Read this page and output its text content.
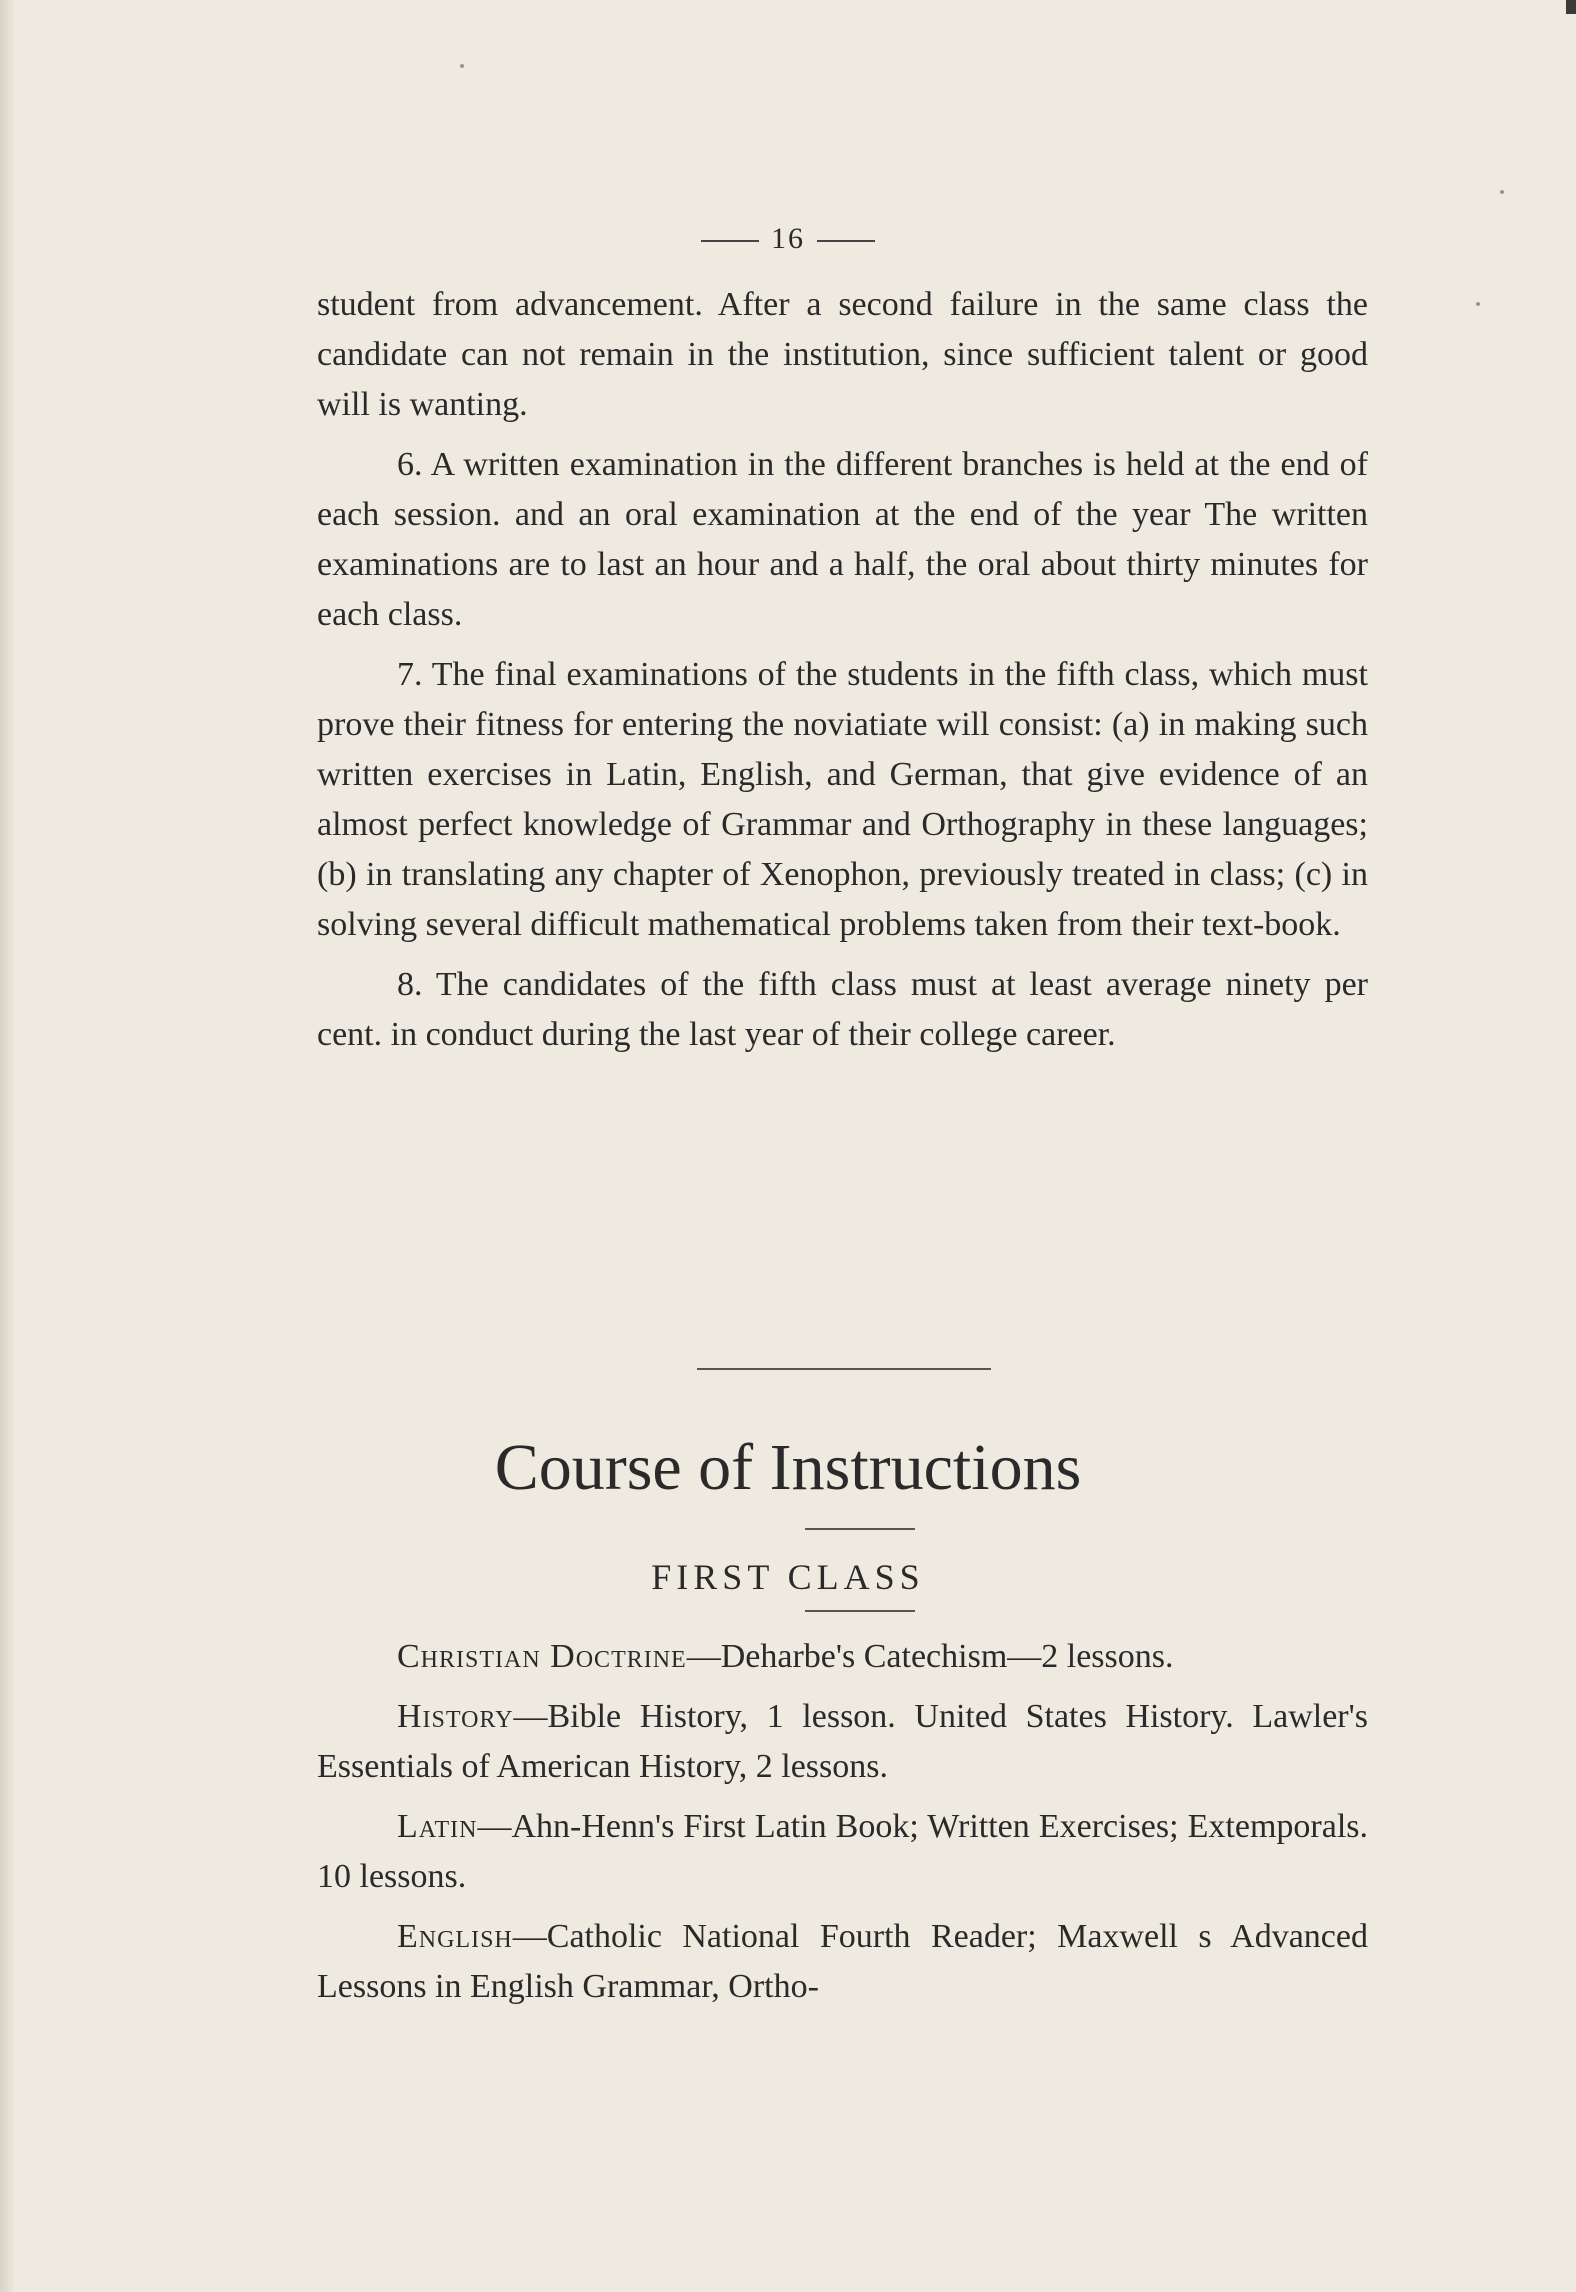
16

student from advancement. After a second failure in the same class the candidate can not remain in the institution, since sufficient talent or good will is wanting.

6. A written examination in the different branches is held at the end of each session. and an oral examination at the end of the year The written examinations are to last an hour and a half, the oral about thirty minutes for each class.

7. The final examinations of the students in the fifth class, which must prove their fitness for entering the noviatiate will consist: (a) in making such written exercises in Latin, English, and German, that give evidence of an almost perfect knowledge of Grammar and Orthography in these languages; (b) in translating any chapter of Xenophon, previously treated in class; (c) in solving several difficult mathematical problems taken from their text-book.

8. The candidates of the fifth class must at least average ninety per cent. in conduct during the last year of their college career.

Course of Instructions
FIRST CLASS

Christian Doctrine—Deharbe's Catechism—2 lessons.

History—Bible History, 1 lesson. United States History. Lawler's Essentials of American History, 2 lessons.

Latin—Ahn-Henn's First Latin Book; Written Exercises; Extemporals. 10 lessons.

English—Catholic National Fourth Reader; Maxwell s Advanced Lessons in English Grammar, Ortho-
